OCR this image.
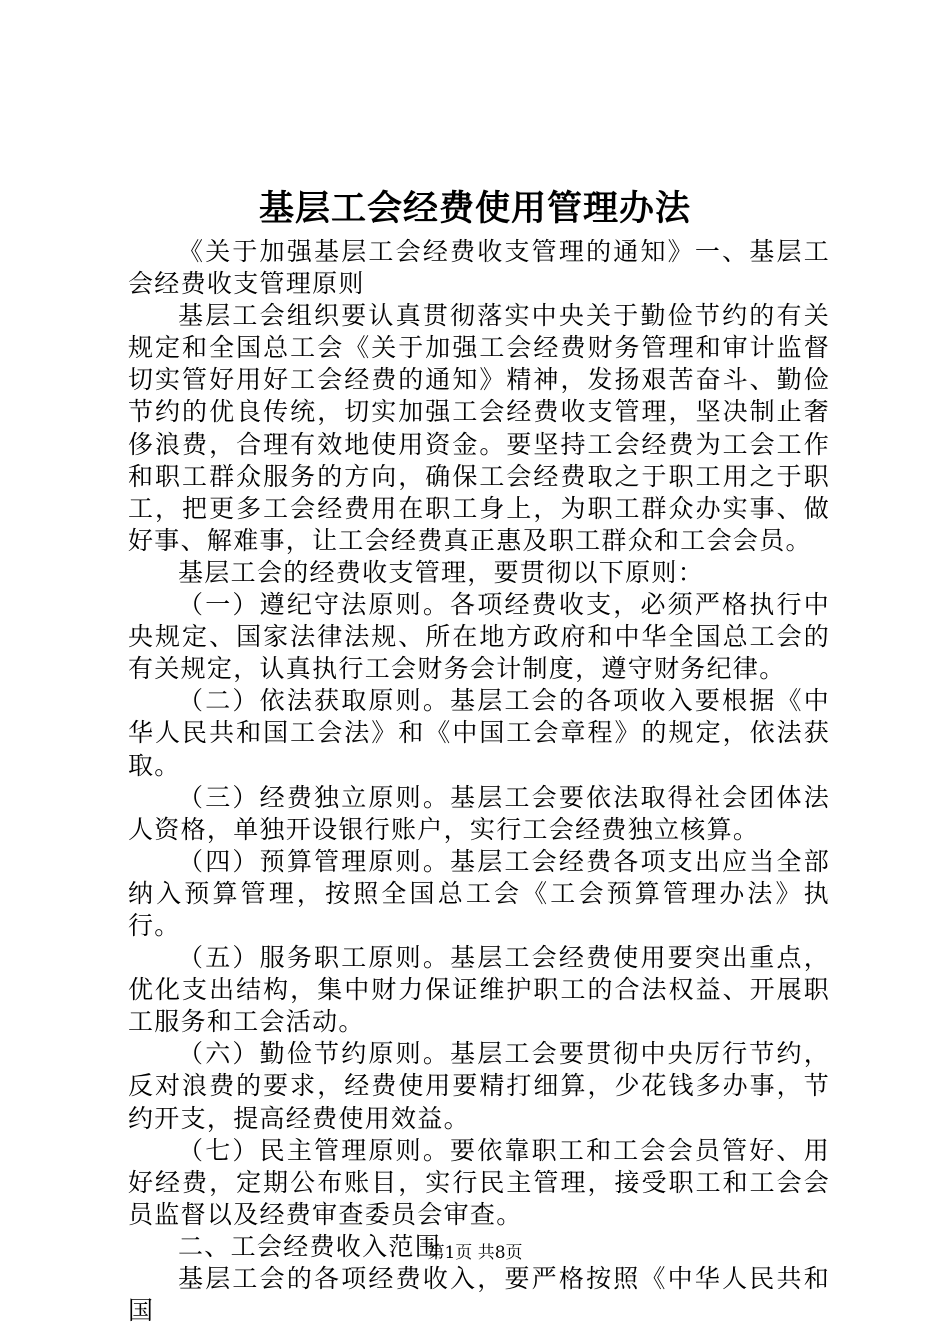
基层工会经费使用管理办法

《关于加强基层工会经费收支管理的通知》一、基层工会经费收支管理原则

基层工会组织要认真贯彻落实中央关于勤俭节约的有关规定和全国总工会《关于加强工会经费财务管理和审计监督切实管好用好工会经费的通知》精神，发扬艰苦奋斗、勤俭节约的优良传统，切实加强工会经费收支管理，坚决制止奢侈浪费，合理有效地使用资金。要坚持工会经费为工会工作和职工群众服务的方向，确保工会经费取之于职工用之于职工，把更多工会经费用在职工身上，为职工群众办实事、做好事、解难事，让工会经费真正惠及职工群众和工会会员。

基层工会的经费收支管理，要贯彻以下原则：

（一）遵纪守法原则。各项经费收支，必须严格执行中央规定、国家法律法规、所在地方政府和中华全国总工会的有关规定，认真执行工会财务会计制度，遵守财务纪律。

（二）依法获取原则。基层工会的各项收入要根据《中华人民共和国工会法》和《中国工会章程》的规定，依法获取。

（三）经费独立原则。基层工会要依法取得社会团体法人资格，单独开设银行账户，实行工会经费独立核算。

（四）预算管理原则。基层工会经费各项支出应当全部纳入预算管理，按照全国总工会《工会预算管理办法》执行。

（五）服务职工原则。基层工会经费使用要突出重点，优化支出结构，集中财力保证维护职工的合法权益、开展职工服务和工会活动。

（六）勤俭节约原则。基层工会要贯彻中央厉行节约，反对浪费的要求，经费使用要精打细算，少花钱多办事，节约开支，提高经费使用效益。

（七）民主管理原则。要依靠职工和工会会员管好、用好经费，定期公布账目，实行民主管理，接受职工和工会会员监督以及经费审查委员会审查。

二、工会经费收入范围

基层工会的各项经费收入，要严格按照《中华人民共和国

第1页 共8页
